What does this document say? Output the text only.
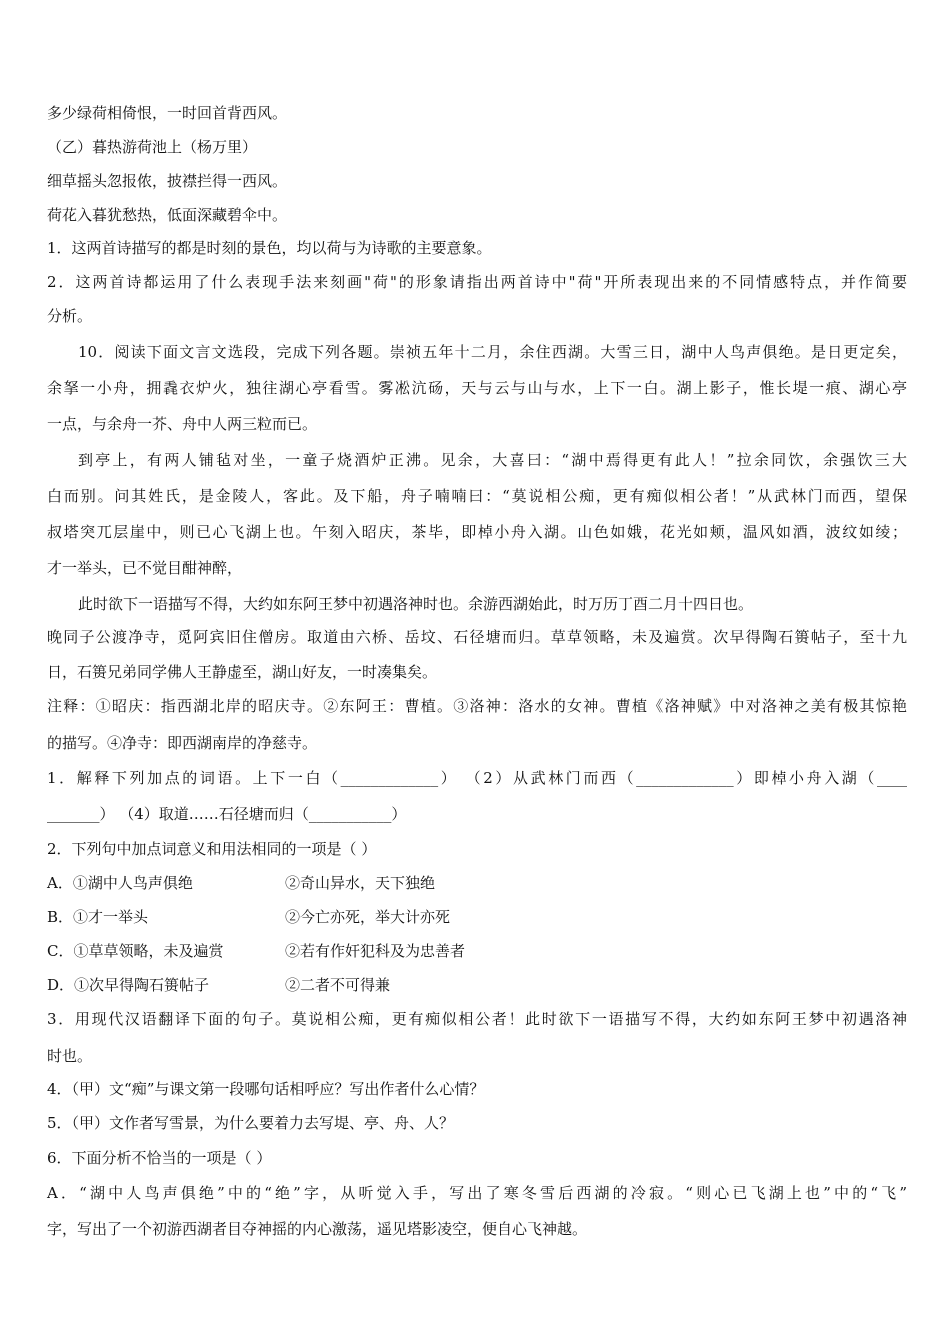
多少绿荷相倚恨，一时回首背西风。
（乙）暮热游荷池上（杨万里）
细草摇头忽报侬，披襟拦得一西风。
荷花入暮犹愁热，低面深藏碧伞中。
1．这两首诗描写的都是时刻的景色，均以荷与为诗歌的主要意象。
2．这两首诗都运用了什么表现手法来刻画"荷"的形象请指出两首诗中"荷"开所表现出来的不同情感特点，并作简要
分析。
10．阅读下面文言文选段，完成下列各题。崇祯五年十二月，余住西湖。大雪三日，湖中人鸟声俱绝。是日更定矣，
余拏一小舟，拥毳衣炉火，独往湖心亭看雪。雾凇沆砀，天与云与山与水，上下一白。湖上影子，惟长堤一痕、湖心亭
一点，与余舟一芥、舟中人两三粒而已。
到亭上，有两人铺毡对坐，一童子烧酒炉正沸。见余，大喜曰：“湖中焉得更有此人！”拉余同饮，余强饮三大
白而别。问其姓氏，是金陵人，客此。及下船，舟子喃喃曰：“莫说相公痴，更有痴似相公者！”从武林门而西，望保
叔塔突兀层崖中，则已心飞湖上也。午刻入昭庆，茶毕，即棹小舟入湖。山色如娥，花光如颊，温风如酒，波纹如绫；
才一举头，已不觉目酣神醉，
此时欲下一语描写不得，大约如东阿王梦中初遇洛神时也。余游西湖始此，时万历丁酉二月十四日也。
晚同子公渡净寺，觅阿宾旧住僧房。取道由六桥、岳坟、石径塘而归。草草领略，未及遍赏。次早得陶石篑帖子，至十九
日，石篑兄弟同学佛人王静虚至，湖山好友，一时凑集矣。
注释：①昭庆：指西湖北岸的昭庆寺。②东阿王：曹植。③洛神：洛水的女神。曹植《洛神赋》中对洛神之美有极其惊艳
的描写。④净寺：即西湖南岸的净慈寺。
1．解释下列加点的词语。上下一白（_____________） （2）从武林门而西（_____________）即棹小舟入湖（____
_______） （4）取道……石径塘而归（___________）
2．下列句中加点词意义和用法相同的一项是（ ）
A．①湖中人鸟声俱绝	②奇山异水，天下独绝
B．①才一举头	②今亡亦死，举大计亦死
C．①草草领略，未及遍赏	②若有作奸犯科及为忠善者
D．①次早得陶石篑帖子	②二者不可得兼
3．用现代汉语翻译下面的句子。莫说相公痴，更有痴似相公者！此时欲下一语描写不得，大约如东阿王梦中初遇洛神
时也。
4．（甲）文“痴”与课文第一段哪句话相呼应？写出作者什么心情？
5．（甲）文作者写雪景，为什么要着力去写堤、亭、舟、人？
6．下面分析不恰当的一项是（ ）
A．“湖中人鸟声俱绝”中的“绝”字，从听觉入手，写出了寒冬雪后西湖的冷寂。“则心已飞湖上也”中的“飞”
字，写出了一个初游西湖者目夺神摇的内心激荡，遥见塔影凌空，便自心飞神越。
